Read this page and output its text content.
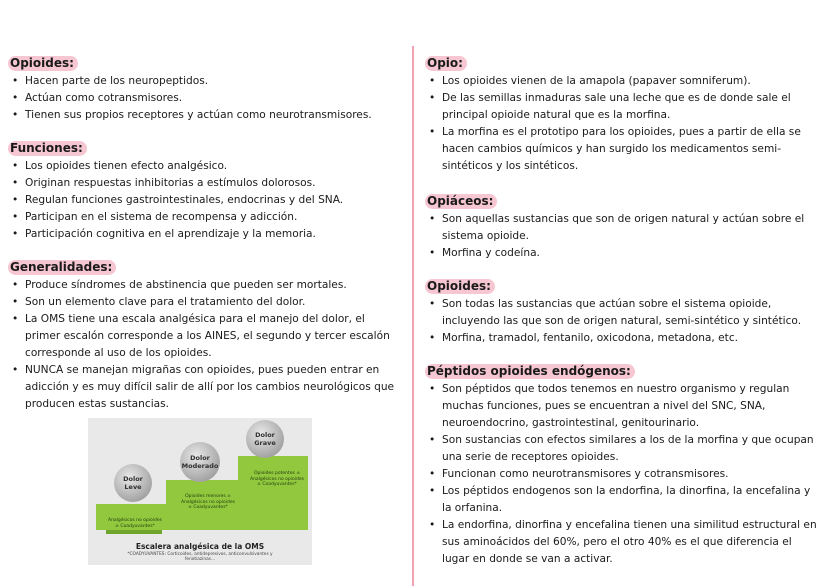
Opioides:
• Hacen parte de los neuropeptidos.
• Actúan como cotransmisores.
• Tienen sus propios receptores y actúan como neurotransmisores.
Funciones:
• Los opioides tienen efecto analgésico.
• Originan respuestas inhibitorias a estímulos dolorosos.
• Regulan funciones gastrointestinales, endocrinas y del SNA.
• Participan en el sistema de recompensa y adicción.
• Participación cognitiva en el aprendizaje y la memoria.
Generalidades:
• Produce síndromes de abstinencia que pueden ser mortales.
• Son un elemento clave para el tratamiento del dolor.
• La OMS tiene una escala analgésica para el manejo del dolor, el primer escalón corresponde a los AINES, el segundo y tercer escalón corresponde al uso de los opioides.
• NUNCA se manejan migrañas con opioides, pues pueden entrar en adicción y es muy difícil salir de allí por los cambios neurológicos que producen estas sustancias.
Dolor Leve
Dolor Moderado
Dolor Grave
Analgésicos no opioides ± Coadyuvantes*
Opioides menores ± Analgésicos no opioides ± Coadyuvantes*
Opioides potentes ± Analgésicos no opioides ± Coadyuvantes*
Escalera analgésica de la OMS
*COADYUVANTES: Corticoides, antidepresivos, anticonvulsivantes y fenotiazinas...
Opio:
• Los opioides vienen de la amapola (papaver somniferum).
• De las semillas inmaduras sale una leche que es de donde sale el principal opioide natural que es la morfina.
• La morfina es el prototipo para los opioides, pues a partir de ella se hacen cambios químicos y han surgido los medicamentos semi-sintéticos y los sintéticos.
Opiáceos:
• Son aquellas sustancias que son de origen natural y actúan sobre el sistema opioide.
• Morfina y codeína.
Opioides:
• Son todas las sustancias que actúan sobre el sistema opioide, incluyendo las que son de origen natural, semi-sintético y sintético.
• Morfina, tramadol, fentanilo, oxicodona, metadona, etc.
Péptidos opioides endógenos:
• Son péptidos que todos tenemos en nuestro organismo y regulan muchas funciones, pues se encuentran a nivel del SNC, SNA, neuroendocrino, gastrointestinal, genitourinario.
• Son sustancias con efectos similares a los de la morfina y que ocupan una serie de receptores opioides.
• Funcionan como neurotransmisores y cotransmisores.
• Los péptidos endogenos son la endorfina, la dinorfina, la encefalina y la orfanina.
• La endorfina, dinorfina y encefalina tienen una similitud estructural en sus aminoácidos del 60%, pero el otro 40% es el que diferencia el lugar en donde se van a activar.
